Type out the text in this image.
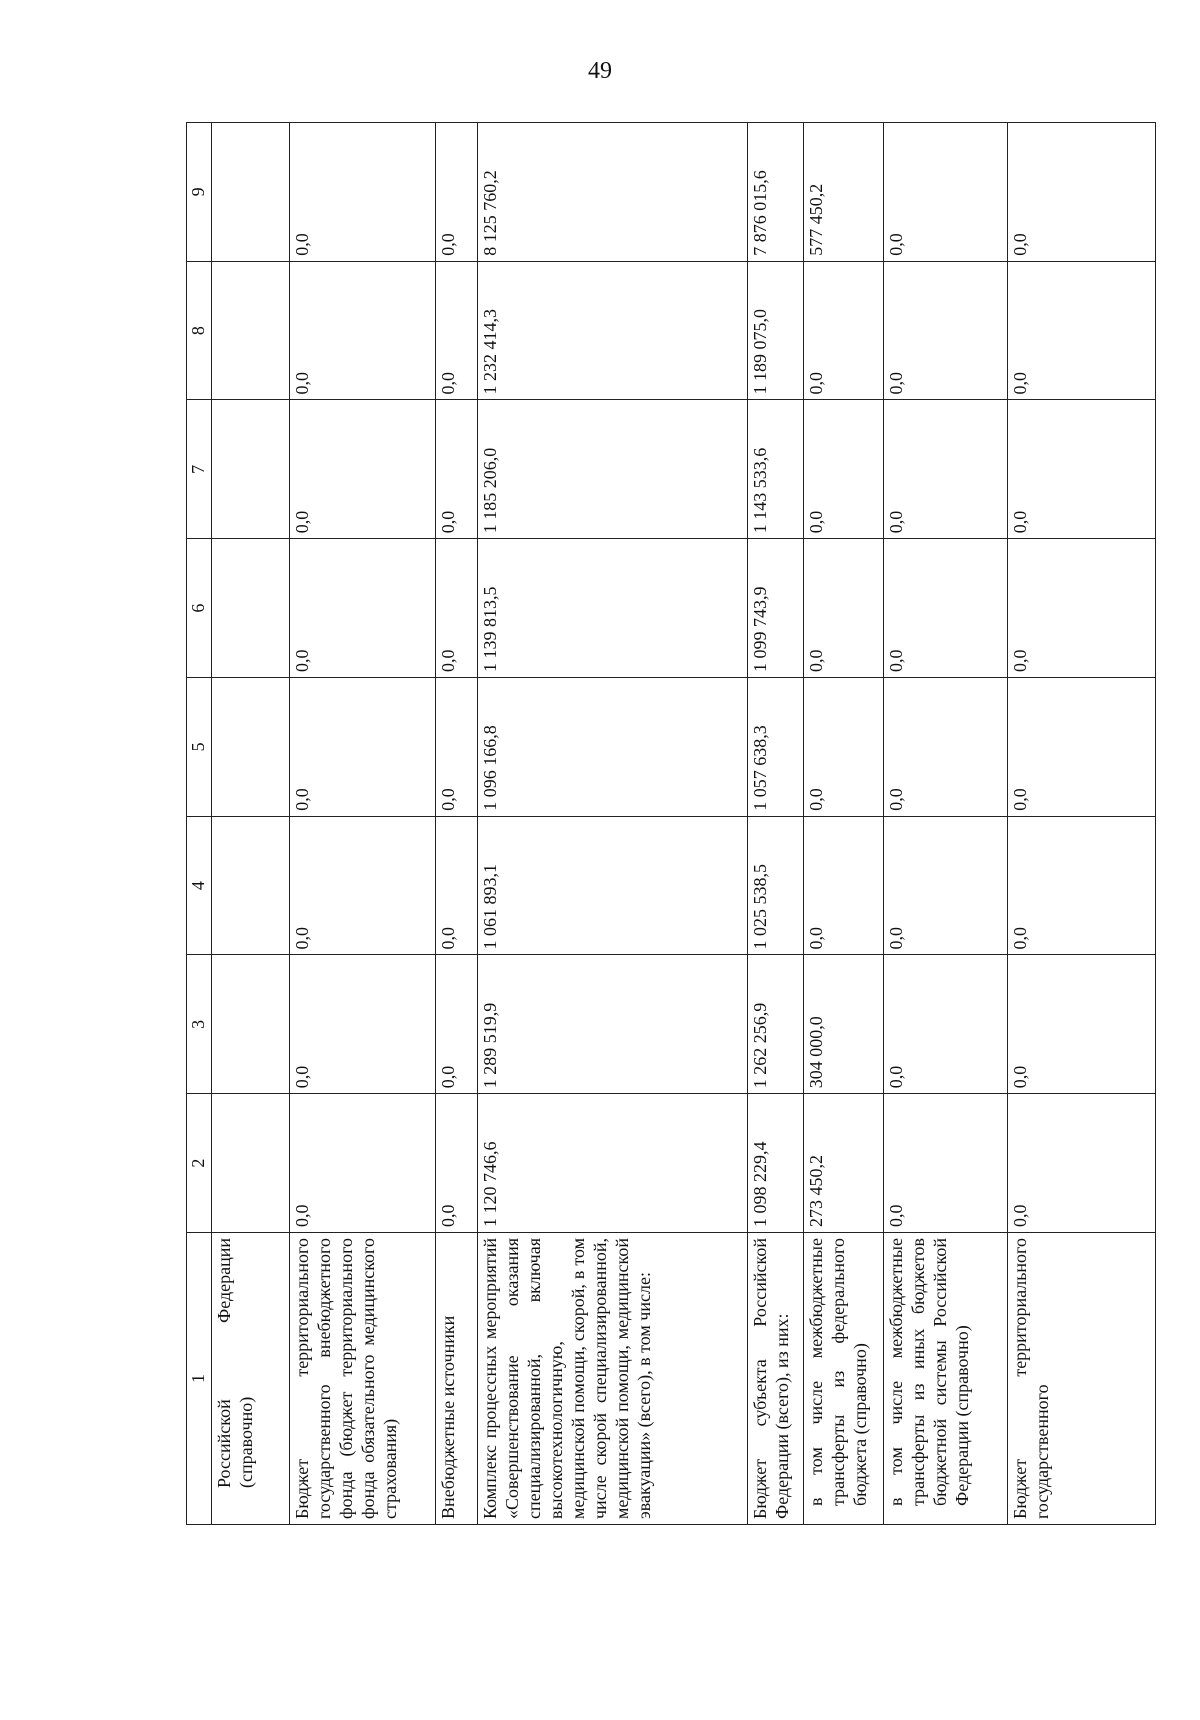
49
1	2	3	4	5	6	7	8	9
Российской Федерации (справочно)								
Бюджет территориального государственного внебюджетного фонда (бюджет территориального фонда обязательного медицинского страхования)	0,0	0,0	0,0	0,0	0,0	0,0	0,0	0,0
Внебюджетные источники	0,0	0,0	0,0	0,0	0,0	0,0	0,0	0,0
Комплекс процессных мероприятий «Совершенствование оказания специализированной, включая высокотехнологичную, медицинской помощи, скорой, в том числе скорой специализированной, медицинской помощи, медицинской эвакуации» (всего), в том числе:	1 120 746,6	1 289 519,9	1 061 893,1	1 096 166,8	1 139 813,5	1 185 206,0	1 232 414,3	8 125 760,2
Бюджет субъекта Российской Федерации (всего), из них:	1 098 229,4	1 262 256,9	1 025 538,5	1 057 638,3	1 099 743,9	1 143 533,6	1 189 075,0	7 876 015,6
в том числе межбюджетные трансферты из федерального бюджета (справочно)	273 450,2	304 000,0	0,0	0,0	0,0	0,0	0,0	577 450,2
в том числе межбюджетные трансферты из иных бюджетов бюджетной системы Российской Федерации (справочно)	0,0	0,0	0,0	0,0	0,0	0,0	0,0	0,0
Бюджет территориального государственного	0,0	0,0	0,0	0,0	0,0	0,0	0,0	0,0
